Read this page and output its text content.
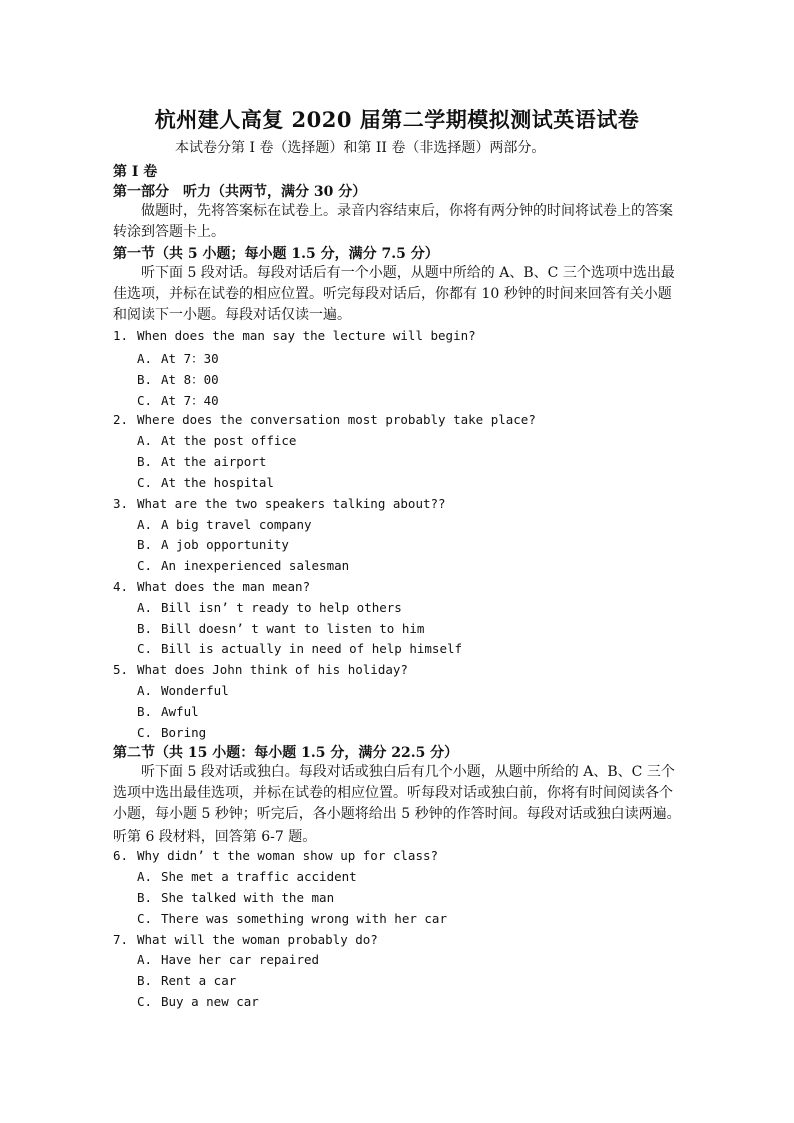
杭州建人高复 2020 届第二学期模拟测试英语试卷
本试卷分第 I 卷（选择题）和第 II 卷（非选择题）两部分。
第 I 卷
第一部分　听力（共两节，满分 30 分）
做题时，先将答案标在试卷上。录音内容结束后，你将有两分钟的时间将试卷上的答案转涂到答题卡上。
第一节（共 5 小题；每小题 1.5 分，满分 7.5 分）
听下面 5 段对话。每段对话后有一个小题，从题中所给的 A、B、C 三个选项中选出最佳选项，并标在试卷的相应位置。听完每段对话后，你都有 10 秒钟的时间来回答有关小题和阅读下一小题。每段对话仅读一遍。
1. When does the man say the lecture will begin?
A. At 7：30
B. At 8：00
C. At 7：40
2. Where does the conversation most probably take place?
A. At the post office
B. At the airport
C. At the hospital
3. What are the two speakers talking about??
A. A big travel company
B. A job opportunity
C. An inexperienced salesman
4. What does the man mean?
A. Bill isn’ t ready to help others
B. Bill doesn’ t want to listen to him
C. Bill is actually in need of help himself
5. What does John think of his holiday?
A. Wonderful
B. Awful
C. Boring
第二节（共 15 小题：每小题 1.5 分，满分 22.5 分）
听下面 5 段对话或独白。每段对话或独白后有几个小题，从题中所给的 A、B、C 三个选项中选出最佳选项，并标在试卷的相应位置。听每段对话或独白前，你将有时间阅读各个小题，每小题 5 秒钟；听完后，各小题将给出 5 秒钟的作答时间。每段对话或独白读两遍。
听第 6 段材料，回答第 6-7 题。
6. Why didn’ t the woman show up for class?
A. She met a traffic accident
B. She talked with the man
C. There was something wrong with her car
7. What will the woman probably do?
A. Have her car repaired
B. Rent a car
C. Buy a new car
